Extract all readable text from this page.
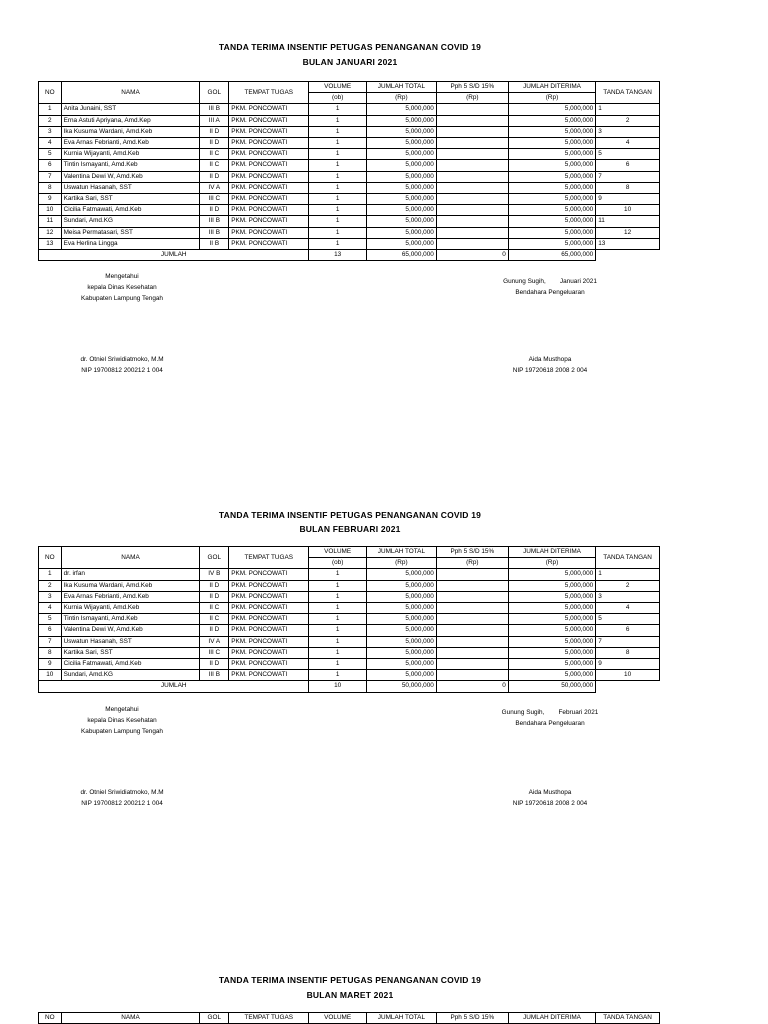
TANDA TERIMA INSENTIF PETUGAS PENANGANAN COVID 19
BULAN JANUARI 2021
NO	NAMA	GOL	TEMPAT TUGAS	VOLUME	JUMLAH TOTAL	Pph 5 S/D 15%	JUMLAH DITERIMA	TANDA TANGAN
				(ob)	(Rp)	(Rp)	(Rp)	
1	Anita Junaini, SST	III B	PKM. PONCOWATI	1	5,000,000		5,000,000	1
2	Erna Astuti Apriyana, Amd.Kep	III A	PKM. PONCOWATI	1	5,000,000		5,000,000	2
3	Ika Kusuma Wardani, Amd.Keb	II D	PKM. PONCOWATI	1	5,000,000		5,000,000	3
4	Eva Arnas Febrianti, Amd.Keb	II D	PKM. PONCOWATI	1	5,000,000		5,000,000	4
5	Kurnia Wijayanti, Amd.Keb	II C	PKM. PONCOWATI	1	5,000,000		5,000,000	5
6	Tintin Ismayanti, Amd.Keb	II C	PKM. PONCOWATI	1	5,000,000		5,000,000	6
7	Valentina Dewi W, Amd.Keb	II D	PKM. PONCOWATI	1	5,000,000		5,000,000	7
8	Uswatun Hasanah, SST	IV A	PKM. PONCOWATI	1	5,000,000		5,000,000	8
9	Kartika Sari, SST	III C	PKM. PONCOWATI	1	5,000,000		5,000,000	9
10	Cicilia Fatmawati, Amd.Keb	II D	PKM. PONCOWATI	1	5,000,000		5,000,000	10
11	Sundari, Amd.KG	III B	PKM. PONCOWATI	1	5,000,000		5,000,000	11
12	Meisa Permatasari, SST	III B	PKM. PONCOWATI	1	5,000,000		5,000,000	12
13	Eva Herlina Lingga	II B	PKM. PONCOWATI	1	5,000,000		5,000,000	13
JUMLAH				13	65,000,000	0	65,000,000	
Mengetahui
kepala Dinas Kesehatan
Kabupaten Lampung Tengah
Gunung Sugih,        Januari 2021
Bendahara Pengeluaran
dr. Otniel Sriwidiatmoko, M.M
NIP 19700812 200212 1 004
Aida Musthopa
NIP 19720618 2008 2 004
TANDA TERIMA INSENTIF PETUGAS PENANGANAN COVID 19
BULAN FEBRUARI 2021
NO	NAMA	GOL	TEMPAT TUGAS	VOLUME	JUMLAH TOTAL	Pph 5 S/D 15%	JUMLAH DITERIMA	TANDA TANGAN
				(ob)	(Rp)	(Rp)	(Rp)	
1	dr. irfan	IV B	PKM. PONCOWATI	1	5,000,000		5,000,000	1
2	Ika Kusuma Wardani, Amd.Keb	II D	PKM. PONCOWATI	1	5,000,000		5,000,000	2
3	Eva Arnas Febrianti, Amd.Keb	II D	PKM. PONCOWATI	1	5,000,000		5,000,000	3
4	Kurnia Wijayanti, Amd.Keb	II C	PKM. PONCOWATI	1	5,000,000		5,000,000	4
5	Tintin Ismayanti, Amd.Keb	II C	PKM. PONCOWATI	1	5,000,000		5,000,000	5
6	Valentina Dewi W, Amd.Keb	II D	PKM. PONCOWATI	1	5,000,000		5,000,000	6
7	Uswatun Hasanah, SST	IV A	PKM. PONCOWATI	1	5,000,000		5,000,000	7
8	Kartika Sari, SST	III C	PKM. PONCOWATI	1	5,000,000		5,000,000	8
9	Cicilia Fatmawati, Amd.Keb	II D	PKM. PONCOWATI	1	5,000,000		5,000,000	9
10	Sundari, Amd.KG	III B	PKM. PONCOWATI	1	5,000,000		5,000,000	10
JUMLAH				10	50,000,000	0	50,000,000	
Mengetahui
kepala Dinas Kesehatan
Kabupaten Lampung Tengah
Gunung Sugih,        Februari 2021
Bendahara Pengeluaran
dr. Otniel Sriwidiatmoko, M.M
NIP 19700812 200212 1 004
Aida Musthopa
NIP 19720618 2008 2 004
TANDA TERIMA INSENTIF PETUGAS PENANGANAN COVID 19
BULAN MARET 2021
NO	NAMA	GOL	TEMPAT TUGAS	VOLUME	JUMLAH TOTAL	Pph 5 S/D 15%	JUMLAH DITERIMA	TANDA TANGAN
